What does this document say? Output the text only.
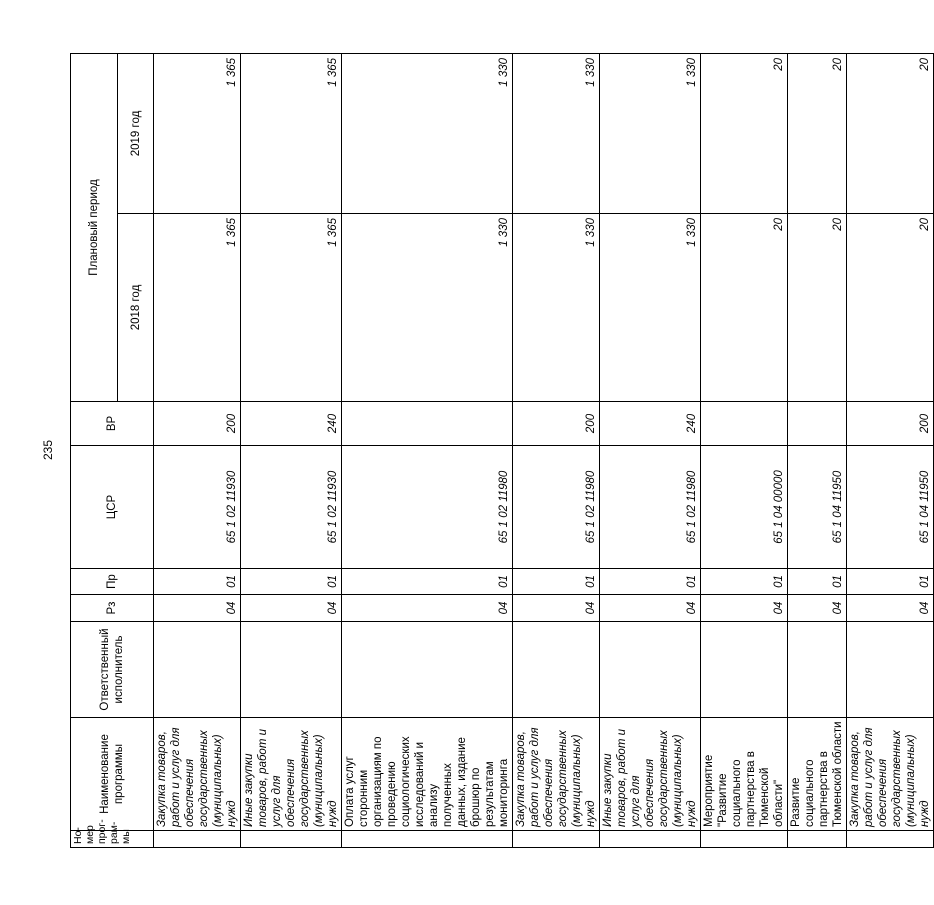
235
Но-мер прог-рам-мы	Наименование программы	Ответственный исполнитель	Рз	Пр	ЦСР	ВР	Плановый период	
							2018 год	2019 год
	Закупка товаров, работ и услуг для обеспечения государственных (муниципальных) нужд		04	01	65 1 02 11930	200	1 365	1 365
	Иные закупки товаров, работ и услуг для обеспечения государственных (муниципальных) нужд		04	01	65 1 02 11930	240	1 365	1 365
	Оплата услуг сторонним организациям по проведению социологических исследований и анализу полученных данных, издание брошюр по результатам мониторинга		04	01	65 1 02 11980		1 330	1 330
	Закупка товаров, работ и услуг для обеспечения государственных (муниципальных) нужд		04	01	65 1 02 11980	200	1 330	1 330
	Иные закупки товаров, работ и услуг для обеспечения государственных (муниципальных) нужд		04	01	65 1 02 11980	240	1 330	1 330
	Мероприятие "Развитие социального партнерства в Тюменской области"		04	01	65 1 04 00000		20	20
	Развитие социального партнерства в Тюменской области		04	01	65 1 04 11950		20	20
	Закупка товаров, работ и услуг для обеспечения государственных (муниципальных) нужд		04	01	65 1 04 11950	200	20	20
